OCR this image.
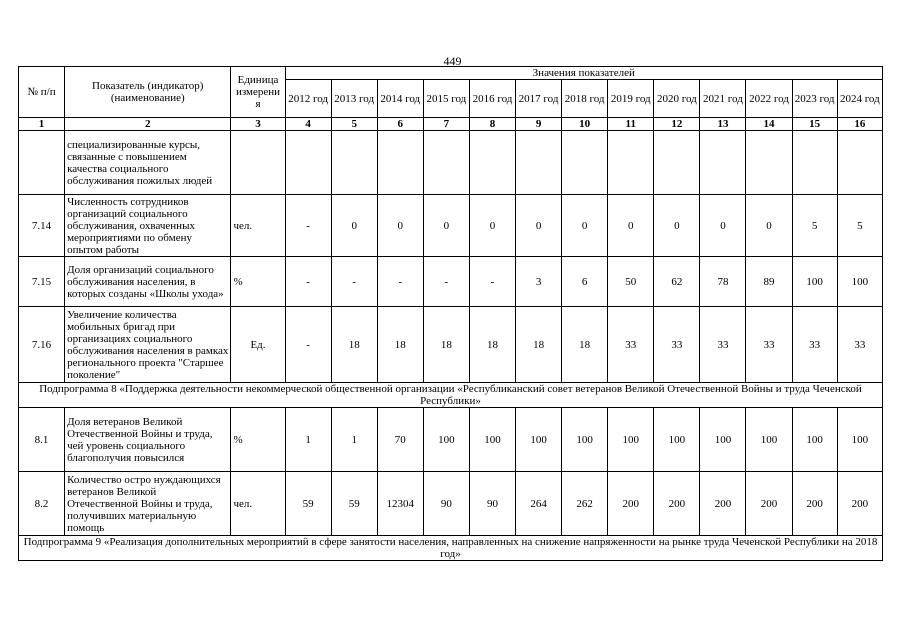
449
№ п/п	Показатель (индикатор) (наименование)	Единица измерения	Значения показателей												
			2012 год	2013 год	2014 год	2015 год	2016 год	2017 год	2018 год	2019 год	2020 год	2021 год	2022 год	2023 год	2024 год
1	2	3	4	5	6	7	8	9	10	11	12	13	14	15	16
	специализированные курсы, связанные с повышением качества социального обслуживания пожилых людей														
7.14	Численность сотрудников организаций социального обслуживания, охваченных мероприятиями по обмену опытом работы	чел.	-	0	0	0	0	0	0	0	0	0	0	5	5
7.15	Доля организаций социального обслуживания населения, в которых созданы «Школы ухода»	%	-	-	-	-	-	3	6	50	62	78	89	100	100
7.16	Увеличение количества мобильных бригад при организациях социального обслуживания населения в рамках регионального проекта "Старшее поколение"	Ед.	-	18	18	18	18	18	18	33	33	33	33	33	33
Подпрограмма 8 «Поддержка деятельности некоммерческой общественной организации «Республиканский совет ветеранов Великой Отечественной Войны и труда Чеченской Республики»															
8.1	Доля ветеранов Великой Отечественной Войны и труда, чей уровень социального благополучия повысился	%	1	1	70	100	100	100	100	100	100	100	100	100	100
8.2	Количество остро нуждающихся ветеранов Великой Отечественной Войны и труда, получивших материальную помощь	чел.	59	59	12304	90	90	264	262	200	200	200	200	200	200
Подпрограмма 9 «Реализация дополнительных мероприятий в сфере занятости населения, направленных на снижение напряженности на рынке труда Чеченской Республики на 2018 год»															
